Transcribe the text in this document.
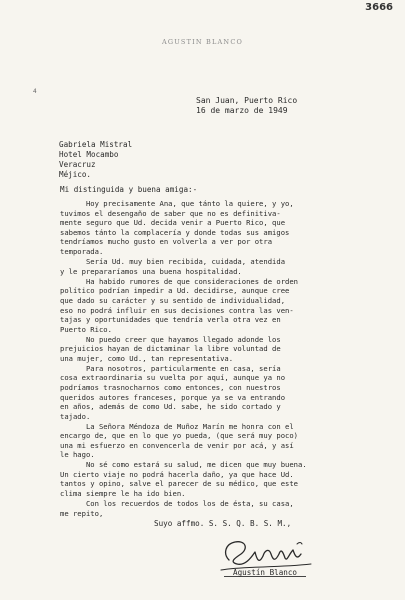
3666
AGUSTIN BLANCO
4
San Juan, Puerto Rico
16 de marzo de 1949
Gabriela Mistral
Hotel Mocambo
Veracruz
Méjico.
Mi distinguida y buena amiga:-
Hoy precisamente Ana, que tánto la quiere, y yo,
tuvimos el desengaño de saber que no es definitiva-
mente seguro que Ud. decida venir a Puerto Rico, que
sabemos tánto la complacería y donde todas sus amigos
tendríamos mucho gusto en volverla a ver por otra
temporada.
Sería Ud. muy bien recibida, cuidada, atendida
y le prepararíamos una buena hospitalidad.
Ha habido rumores de que consideraciones de orden
político podrían impedir a Ud. decidirse, aunque cree
que dado su carácter y su sentido de individualidad,
eso no podrá influir en sus decisiones contra las ven-
tajas y oportunidades que tendría verla otra vez en
Puerto Rico.
No puedo creer que hayamos llegado adonde los
prejuicios hayan de dictaminar la libre voluntad de
una mujer, como Ud., tan representativa.
Para nosotros, particularmente en casa, sería
cosa extraordinaria su vuelta por aquí, aunque ya no
podríamos trasnocharnos como entonces, con nuestros
queridos autores franceses, porque ya se va entrando
en años, además de como Ud. sabe, he sido cortado y
tajado.
La Señora Méndoza de Muñoz Marín me honra con el
encargo de, que en lo que yo pueda, (que será muy poco)
una mi esfuerzo en convencerla de venir por acá, y así
le hago.
No sé como estará su salud, me dicen que muy buena.
Un cierto viaje no podrá hacerla daño, ya que hace Ud.
tantos y opino, salve el parecer de su médico, que este
clima siempre le ha ido bien.
Con los recuerdos de todos los de ésta, su casa,
me repito,
Suyo affmo. S. S. Q. B. S. M.,
Agustín Blanco
